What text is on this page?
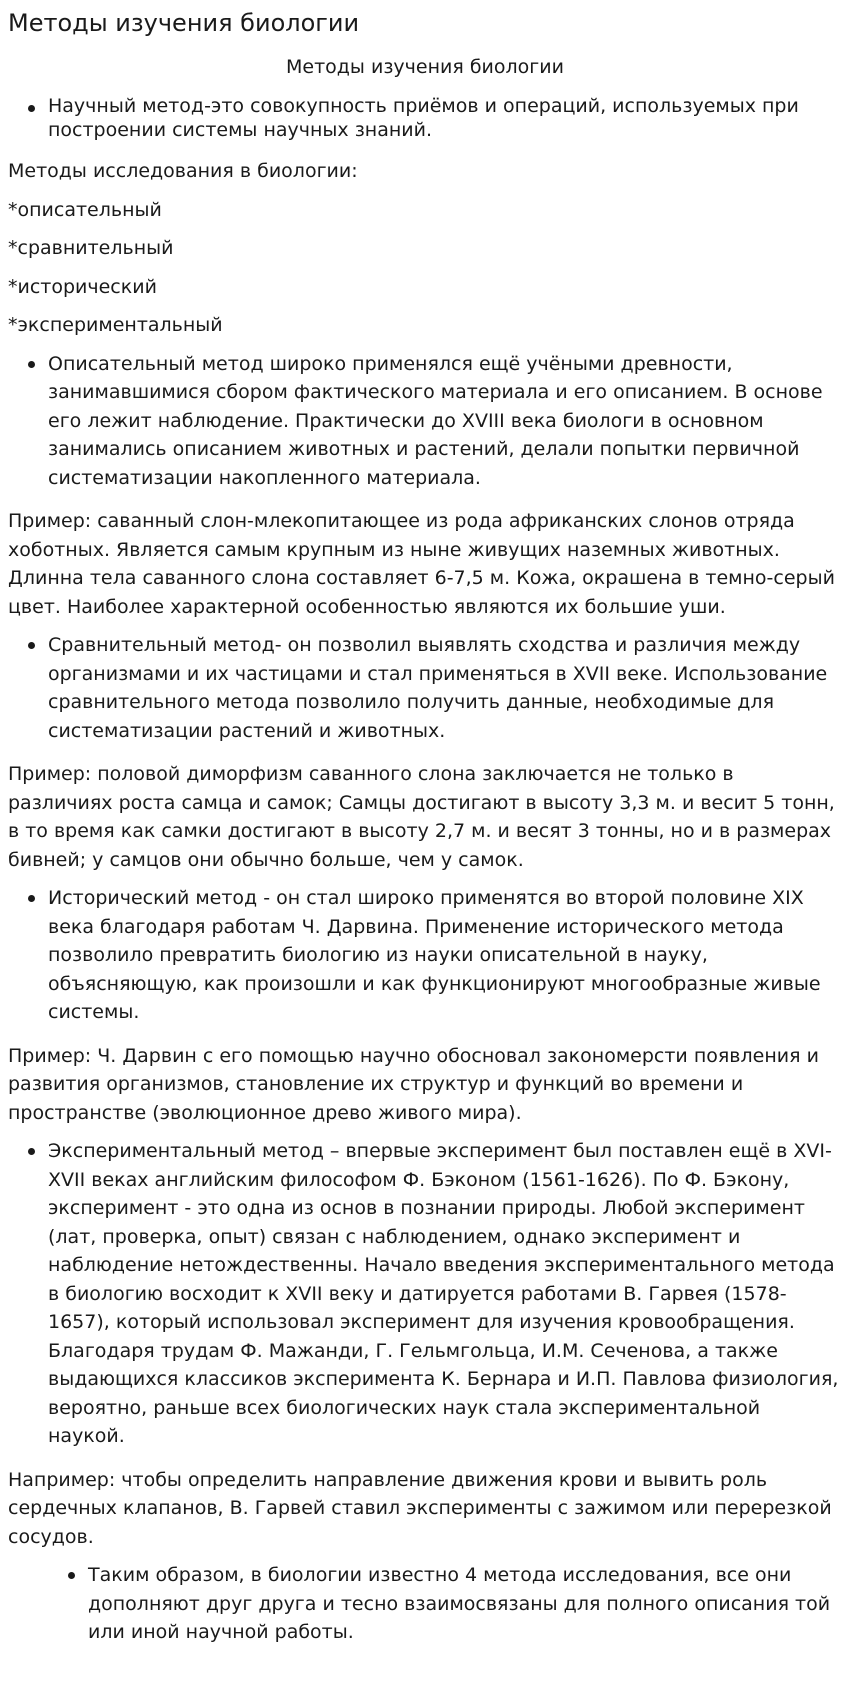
Методы изучения биологии

Методы изучения биологии

Научный метод-это совокупность приёмов и операций, используемых при построении системы научных знаний.

Методы исследования в биологии:

*описательный

*сравнительный

*исторический

*экспериментальный

Описательный метод широко применялся ещё учёными древности, занимавшимися сбором фактического материала и его описанием. В основе его лежит наблюдение. Практически до XVIII века биологи в основном занимались описанием животных и растений, делали попытки первичной систематизации накопленного материала.

Пример: саванный слон-млекопитающее из рода африканских слонов отряда хоботных. Является самым крупным из ныне живущих наземных животных. Длинна тела саванного слона составляет 6-7,5 м. Кожа, окрашена в темно-серый цвет. Наиболее характерной особенностью являются их большие уши.

Сравнительный метод- он позволил выявлять сходства и различия между организмами и их частицами и стал применяться в XVII веке. Использование сравнительного метода позволило получить данные, необходимые для систематизации растений и животных.

Пример: половой диморфизм саванного слона заключается не только в различиях роста самца и самок; Самцы достигают в высоту 3,3 м. и весит 5 тонн, в то время как самки достигают в высоту 2,7 м. и весят 3 тонны, но и в размерах бивней; у самцов они обычно больше, чем у самок.

Исторический метод - он стал широко применятся во второй половине XIX века благодаря работам Ч. Дарвина. Применение исторического метода позволило превратить биологию из науки описательной в науку, объясняющую, как произошли и как функционируют многообразные живые системы.

Пример: Ч. Дарвин с его помощью научно обосновал закономерсти появления и развития организмов, становление их структур и функций во времени и пространстве (эволюционное древо живого мира).

Экспериментальный метод – впервые эксперимент был поставлен ещё в XVI-XVII веках английским философом Ф. Бэконом (1561-1626). По Ф. Бэкону, эксперимент - это одна из основ в познании природы. Любой эксперимент (лат, проверка, опыт) связан с наблюдением, однако эксперимент и наблюдение нетождественны. Начало введения экспериментального метода в биологию восходит к XVII веку и датируется работами В. Гарвея (1578-1657), который использовал эксперимент для изучения кровообращения. Благодаря трудам Ф. Мажанди, Г. Гельмгольца, И.М. Сеченова, а также выдающихся классиков эксперимента К. Бернара и И.П. Павлова физиология, вероятно, раньше всех биологических наук стала экспериментальной наукой.

Например: чтобы определить направление движения крови и вывить роль сердечных клапанов, В. Гарвей ставил эксперименты с зажимом или перерезкой сосудов.

Таким образом, в биологии известно 4 метода исследования, все они дополняют друг друга и тесно взаимосвязаны для полного описания той или иной научной работы.
